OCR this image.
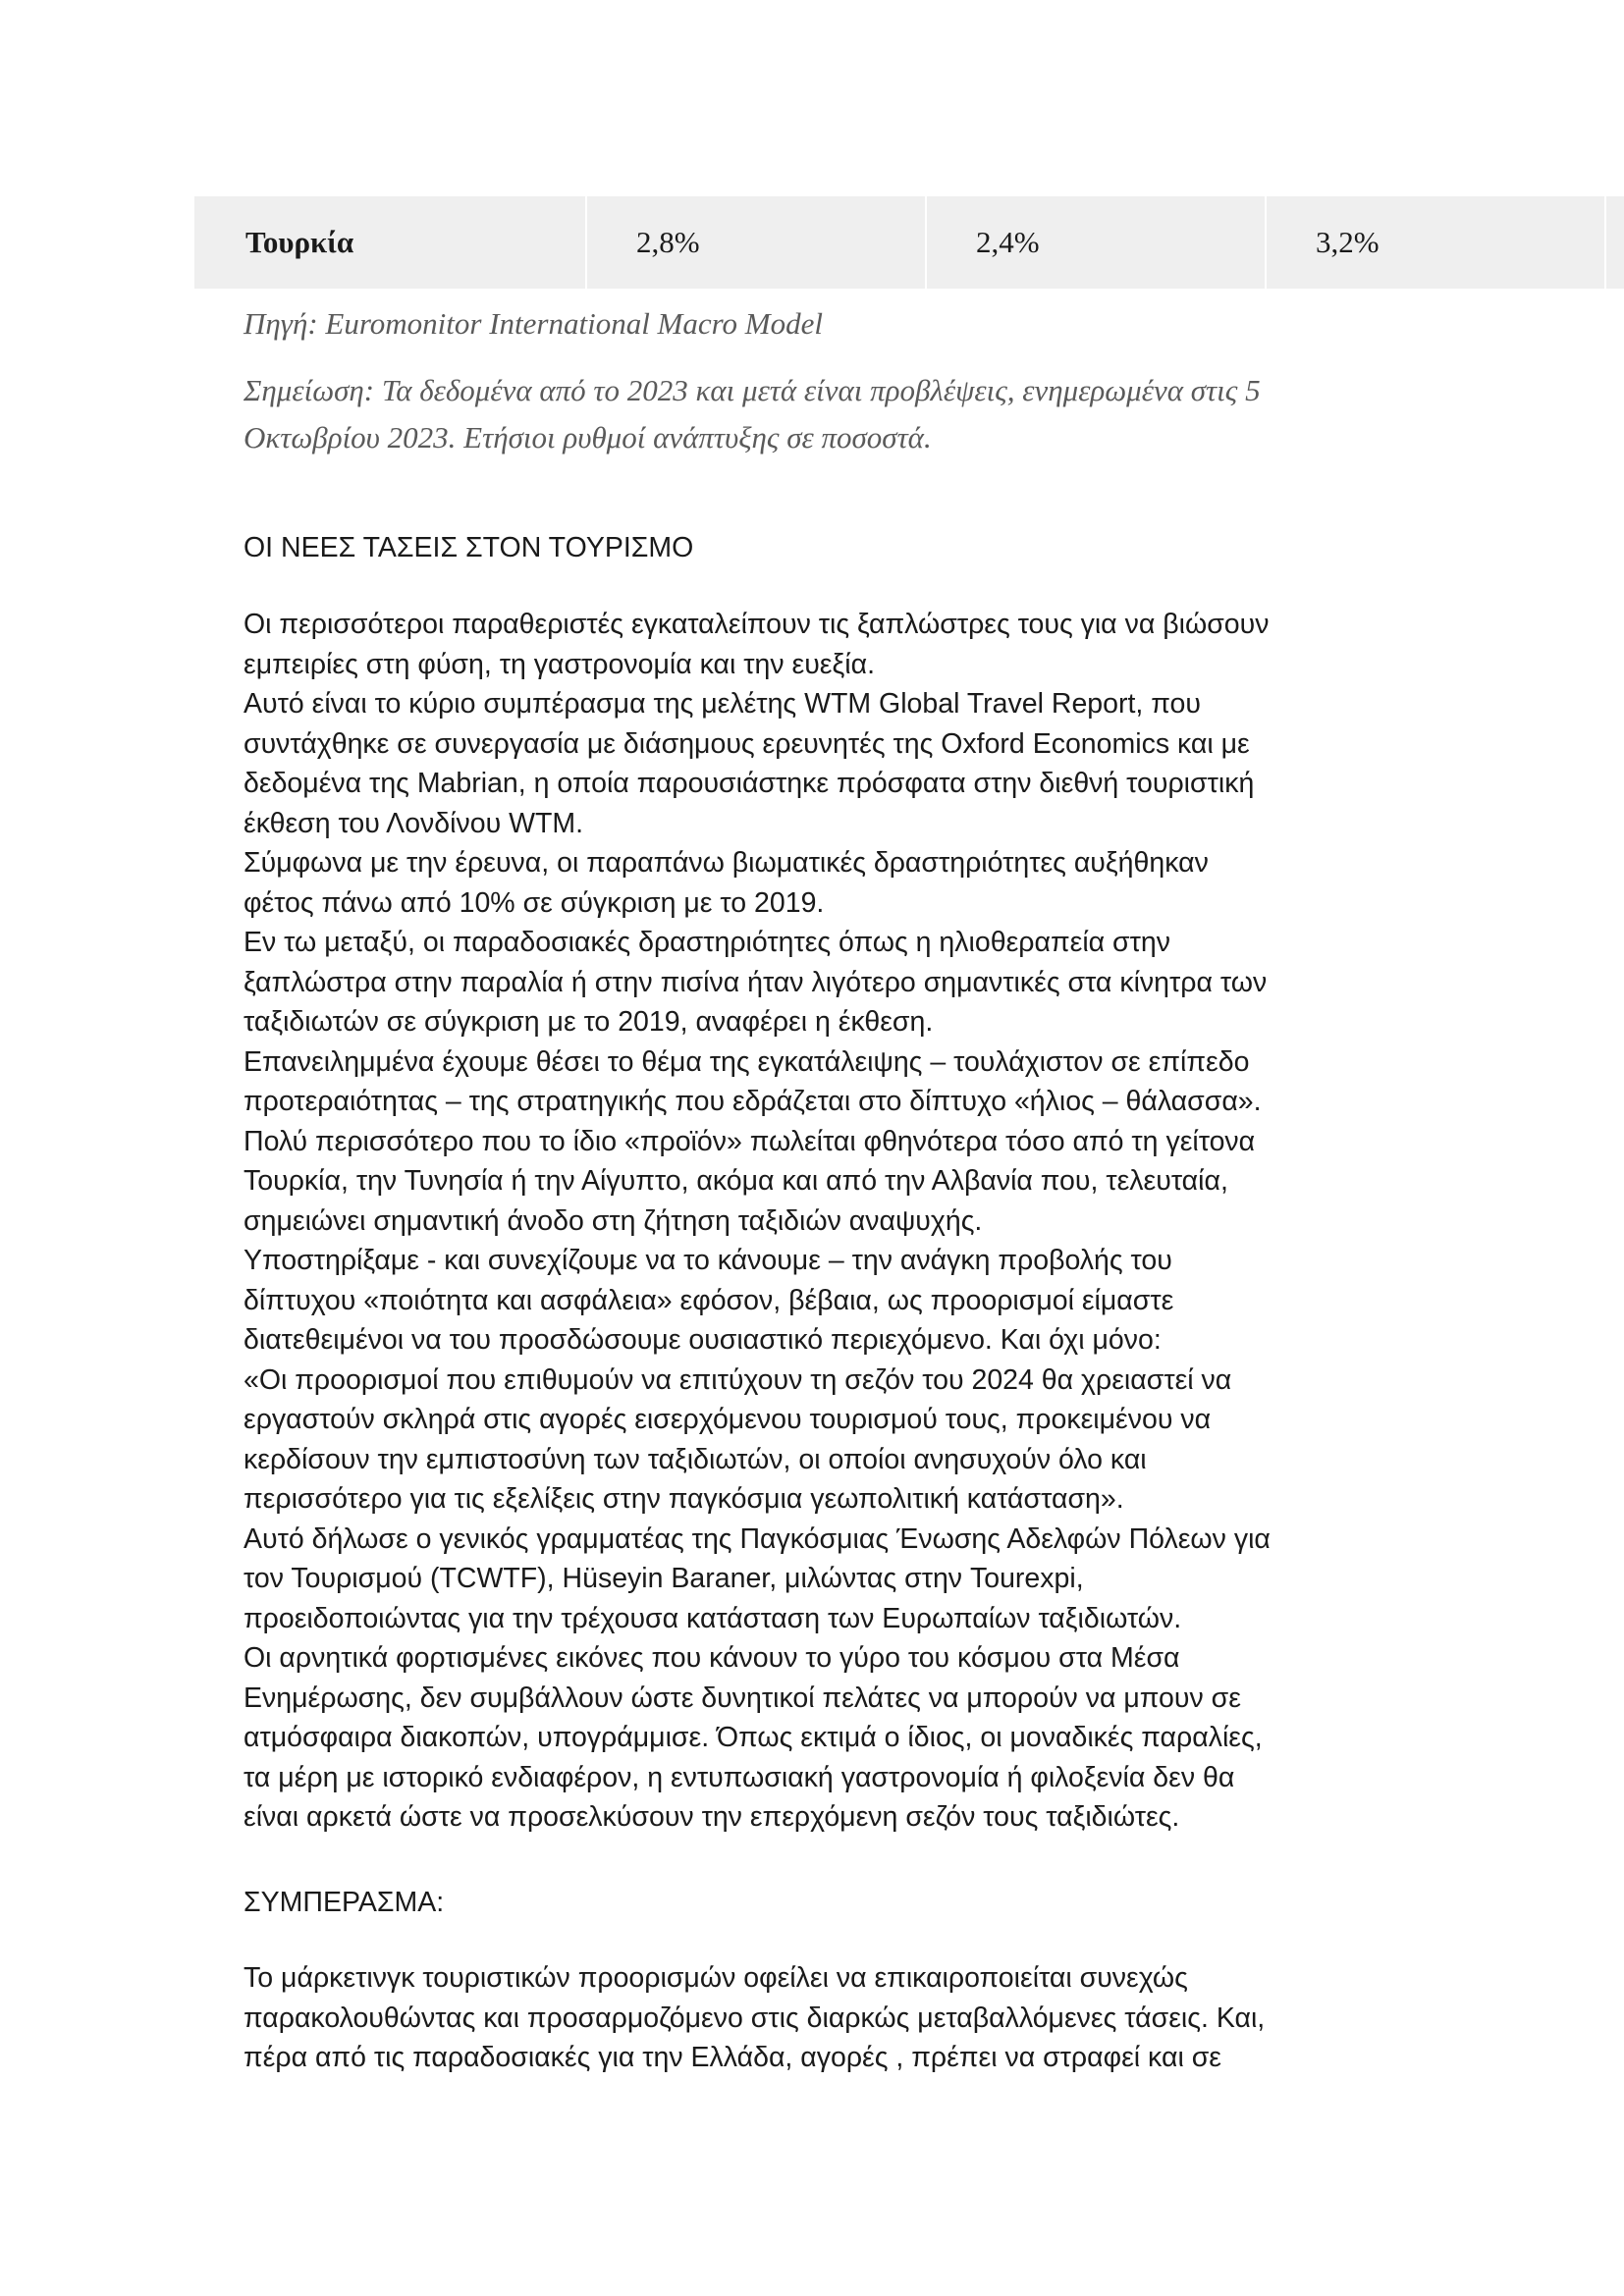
Τουρκία	2,8%	2,4%	3,2%
Πηγή: Euromonitor International Macro Model
Σημείωση: Τα δεδομένα από το 2023 και μετά είναι προβλέψεις, ενημερωμένα στις 5
Οκτωβρίου 2023. Ετήσιοι ρυθμοί ανάπτυξης σε ποσοστά.
ΟΙ ΝΕΕΣ ΤΑΣΕΙΣ ΣΤΟΝ ΤΟΥΡΙΣΜΟ
Οι περισσότεροι παραθεριστές εγκαταλείπουν τις ξαπλώστρες τους για να βιώσουν
εμπειρίες στη φύση, τη γαστρονομία και την ευεξία.
Αυτό είναι το κύριο συμπέρασμα της μελέτης WTM Global Travel Report, που
συντάχθηκε σε συνεργασία με διάσημους ερευνητές της Oxford Economics και με
δεδομένα της Mabrian, η οποία παρουσιάστηκε πρόσφατα στην διεθνή τουριστική
έκθεση του Λονδίνου WTM.
Σύμφωνα με την έρευνα, οι παραπάνω βιωματικές δραστηριότητες αυξήθηκαν
φέτος πάνω από 10% σε σύγκριση με το 2019.
Εν τω μεταξύ, οι παραδοσιακές δραστηριότητες όπως η ηλιοθεραπεία στην
ξαπλώστρα στην παραλία ή στην πισίνα ήταν λιγότερο σημαντικές στα κίνητρα των
ταξιδιωτών σε σύγκριση με το 2019, αναφέρει η έκθεση.
Επανειλημμένα έχουμε θέσει το θέμα της εγκατάλειψης – τουλάχιστον σε επίπεδο
προτεραιότητας – της στρατηγικής που εδράζεται στο δίπτυχο «ήλιος – θάλασσα».
Πολύ περισσότερο που το ίδιο «προϊόν» πωλείται φθηνότερα τόσο από τη γείτονα
Τουρκία, την Τυνησία ή την Αίγυπτο, ακόμα και από την Αλβανία που, τελευταία,
σημειώνει σημαντική άνοδο στη ζήτηση ταξιδιών αναψυχής.
Υποστηρίξαμε - και συνεχίζουμε να το κάνουμε – την ανάγκη προβολής του
δίπτυχου «ποιότητα και ασφάλεια» εφόσον, βέβαια, ως προορισμοί είμαστε
διατεθειμένοι να του προσδώσουμε ουσιαστικό περιεχόμενο. Και όχι μόνο:
«Οι προορισμοί που επιθυμούν να επιτύχουν τη σεζόν του 2024 θα χρειαστεί να
εργαστούν σκληρά στις αγορές εισερχόμενου τουρισμού τους, προκειμένου να
κερδίσουν την εμπιστοσύνη των ταξιδιωτών, οι οποίοι ανησυχούν όλο και
περισσότερο για τις εξελίξεις στην παγκόσμια γεωπολιτική κατάσταση».
Αυτό δήλωσε ο γενικός γραμματέας της Παγκόσμιας Ένωσης Αδελφών Πόλεων για
τον Τουρισμού (TCWTF), Hüseyin Baraner, μιλώντας στην Tourexpi,
προειδοποιώντας για την τρέχουσα κατάσταση των Ευρωπαίων ταξιδιωτών.
Οι αρνητικά φορτισμένες εικόνες που κάνουν το γύρο του κόσμου στα Μέσα
Ενημέρωσης, δεν συμβάλλουν ώστε δυνητικοί πελάτες να μπορούν να μπουν σε
ατμόσφαιρα διακοπών, υπογράμμισε. Όπως εκτιμά ο ίδιος, οι μοναδικές παραλίες,
τα μέρη με ιστορικό ενδιαφέρον, η εντυπωσιακή γαστρονομία ή φιλοξενία δεν θα
είναι αρκετά ώστε να προσελκύσουν την επερχόμενη σεζόν τους ταξιδιώτες.
ΣΥΜΠΕΡΑΣΜΑ:
Το μάρκετινγκ τουριστικών προορισμών οφείλει να επικαιροποιείται συνεχώς
παρακολουθώντας και προσαρμοζόμενο στις διαρκώς μεταβαλλόμενες τάσεις. Και,
πέρα από τις παραδοσιακές για την Ελλάδα, αγορές , πρέπει να στραφεί και σε
